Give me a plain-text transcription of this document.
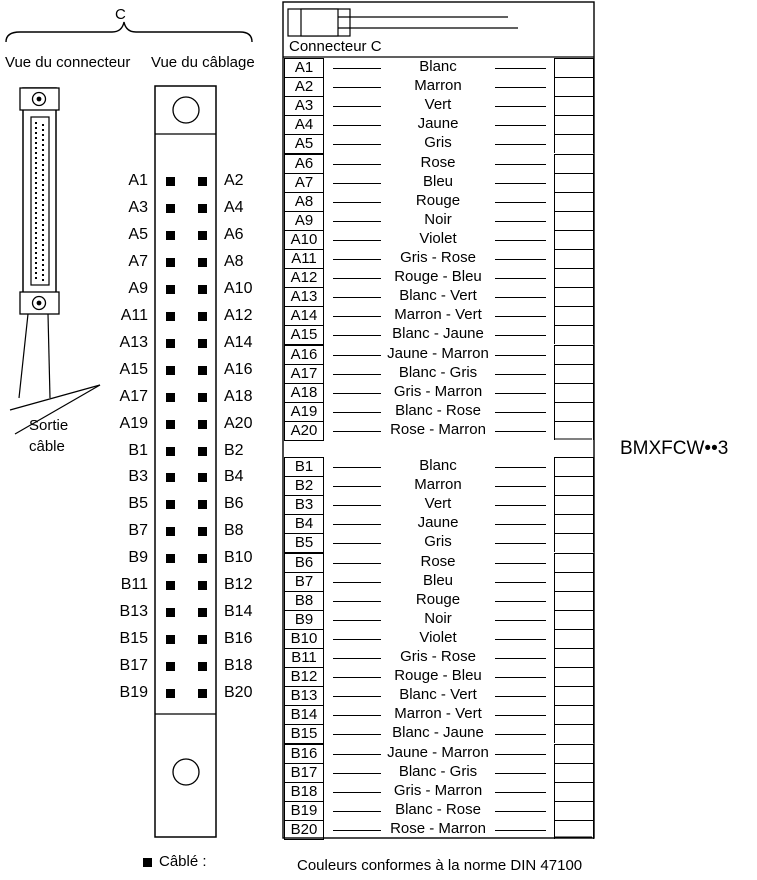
C
Vue du connecteur Vue du câblage
Sortie
câble
A1	A2
A3	A4
A5	A6
A7	A8
A9	A10
A11	A12
A13	A14
A15	A16
A17	A18
A19	A20
B1	B2
B3	B4
B5	B6
B7	B8
B9	B10
B11	B12
B13	B14
B15	B16
B17	B18
B19	B20
Connecteur C
A1	Blanc
A2	Marron
A3	Vert
A4	Jaune
A5	Gris
A6	Rose
A7	Bleu
A8	Rouge
A9	Noir
A10	Violet
A11	Gris - Rose
A12	Rouge - Bleu
A13	Blanc - Vert
A14	Marron - Vert
A15	Blanc - Jaune
A16	Jaune - Marron
A17	Blanc - Gris
A18	Gris - Marron
A19	Blanc - Rose
A20	Rose - Marron
B1	Blanc
B2	Marron
B3	Vert
B4	Jaune
B5	Gris
B6	Rose
B7	Bleu
B8	Rouge
B9	Noir
B10	Violet
B11	Gris - Rose
B12	Rouge - Bleu
B13	Blanc - Vert
B14	Marron - Vert
B15	Blanc - Jaune
B16	Jaune - Marron
B17	Blanc - Gris
B18	Gris - Marron
B19	Blanc - Rose
B20	Rose - Marron
BMXFCW••3
Câblé :	Couleurs conformes à la norme DIN 47100
